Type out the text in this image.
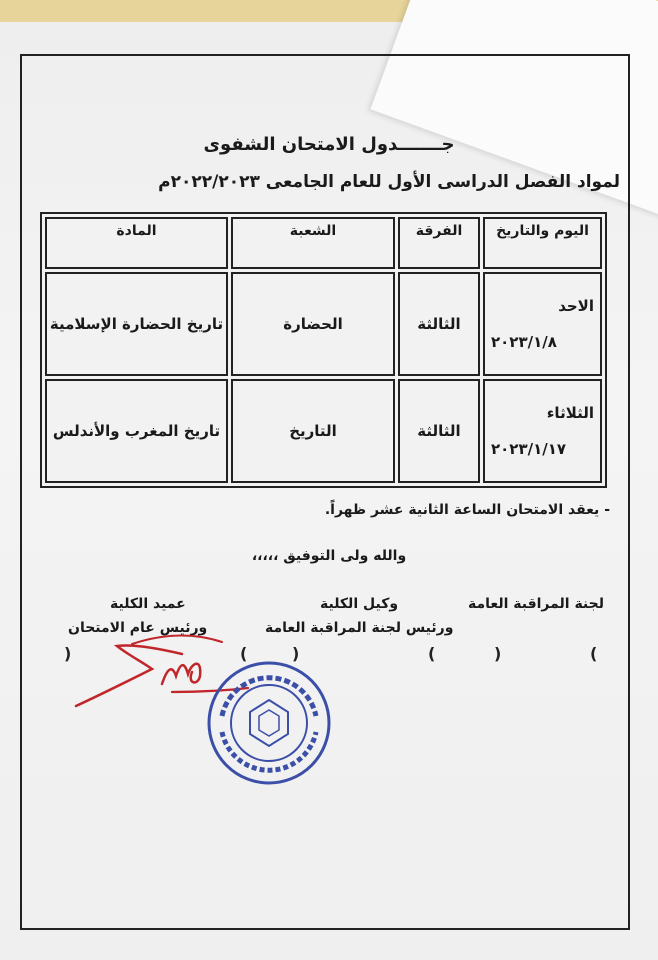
جـــــــدول الامتحان الشفوى
لمواد الفصل الدراسى الأول للعام الجامعى ٢٠٢٢/٢٠٢٣م
اليوم والتاريخ	الفرقة	الشعبة	المادة

الاحد
٢٠٢٣/١/٨	الثالثة	الحضارة	تاريخ الحضارة الإسلامية

الثلاثاء
٢٠٢٣/١/١٧	الثالثة	التاريخ	تاريخ المغرب والأندلس
- يعقد الامتحان الساعة الثانية عشر ظهراً.
والله ولى التوفيق ،،،،،
لجنة المراقبة العامة
وكيل الكلية
ورئيس لجنة المراقبة العامة
عميد الكلية
ورئيس عام الامتحان
(
)
(
)
(
)
